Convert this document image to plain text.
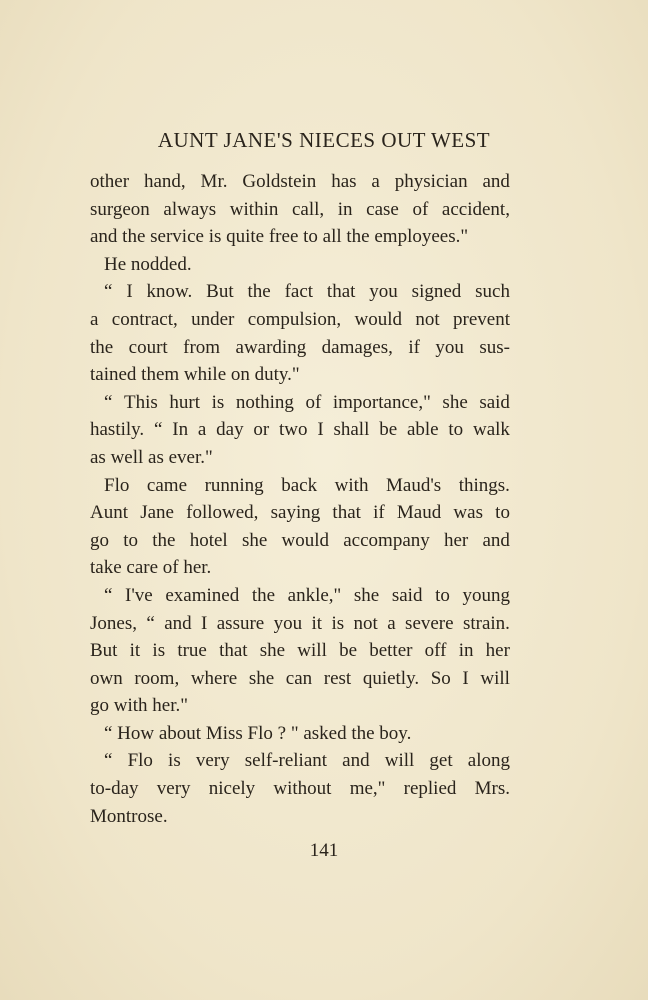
AUNT JANE'S NIECES OUT WEST
other hand, Mr. Goldstein has a physician and
surgeon always within call, in case of accident,
and the service is quite free to all the employees."
He nodded.
“ I know. But the fact that you signed such
a contract, under compulsion, would not prevent
the court from awarding damages, if you sus-
tained them while on duty."
“ This hurt is nothing of importance," she said
hastily. “ In a day or two I shall be able to walk
as well as ever."
Flo came running back with Maud's things.
Aunt Jane followed, saying that if Maud was to
go to the hotel she would accompany her and
take care of her.
“ I've examined the ankle," she said to young
Jones, “ and I assure you it is not a severe strain.
But it is true that she will be better off in her
own room, where she can rest quietly. So I will
go with her."
“ How about Miss Flo ? " asked the boy.
“ Flo is very self-reliant and will get along
to-day very nicely without me," replied Mrs.
Montrose.
141
